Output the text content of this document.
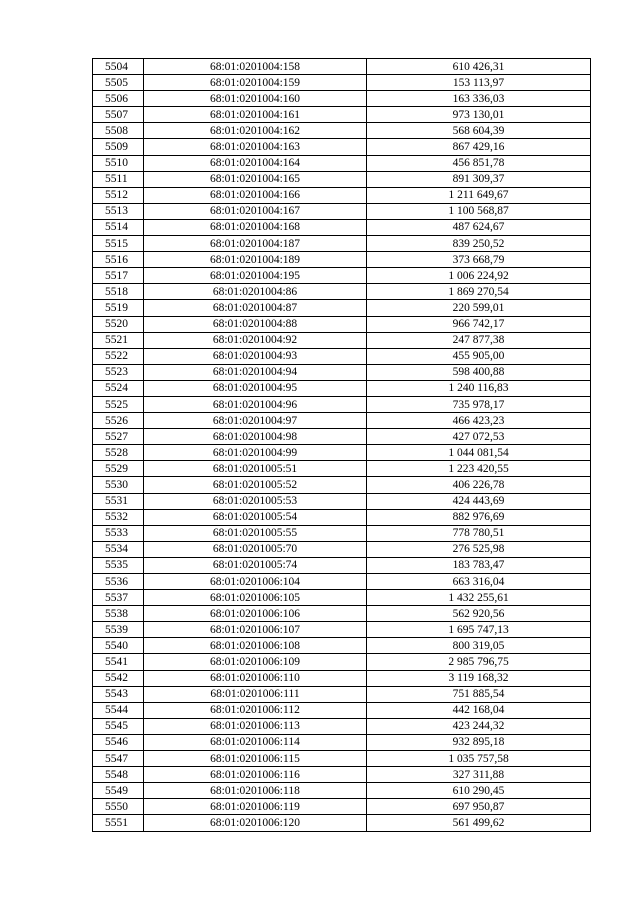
5504	68:01:0201004:158	610 426,31
5505	68:01:0201004:159	153 113,97
5506	68:01:0201004:160	163 336,03
5507	68:01:0201004:161	973 130,01
5508	68:01:0201004:162	568 604,39
5509	68:01:0201004:163	867 429,16
5510	68:01:0201004:164	456 851,78
5511	68:01:0201004:165	891 309,37
5512	68:01:0201004:166	1 211 649,67
5513	68:01:0201004:167	1 100 568,87
5514	68:01:0201004:168	487 624,67
5515	68:01:0201004:187	839 250,52
5516	68:01:0201004:189	373 668,79
5517	68:01:0201004:195	1 006 224,92
5518	68:01:0201004:86	1 869 270,54
5519	68:01:0201004:87	220 599,01
5520	68:01:0201004:88	966 742,17
5521	68:01:0201004:92	247 877,38
5522	68:01:0201004:93	455 905,00
5523	68:01:0201004:94	598 400,88
5524	68:01:0201004:95	1 240 116,83
5525	68:01:0201004:96	735 978,17
5526	68:01:0201004:97	466 423,23
5527	68:01:0201004:98	427 072,53
5528	68:01:0201004:99	1 044 081,54
5529	68:01:0201005:51	1 223 420,55
5530	68:01:0201005:52	406 226,78
5531	68:01:0201005:53	424 443,69
5532	68:01:0201005:54	882 976,69
5533	68:01:0201005:55	778 780,51
5534	68:01:0201005:70	276 525,98
5535	68:01:0201005:74	183 783,47
5536	68:01:0201006:104	663 316,04
5537	68:01:0201006:105	1 432 255,61
5538	68:01:0201006:106	562 920,56
5539	68:01:0201006:107	1 695 747,13
5540	68:01:0201006:108	800 319,05
5541	68:01:0201006:109	2 985 796,75
5542	68:01:0201006:110	3 119 168,32
5543	68:01:0201006:111	751 885,54
5544	68:01:0201006:112	442 168,04
5545	68:01:0201006:113	423 244,32
5546	68:01:0201006:114	932 895,18
5547	68:01:0201006:115	1 035 757,58
5548	68:01:0201006:116	327 311,88
5549	68:01:0201006:118	610 290,45
5550	68:01:0201006:119	697 950,87
5551	68:01:0201006:120	561 499,62
